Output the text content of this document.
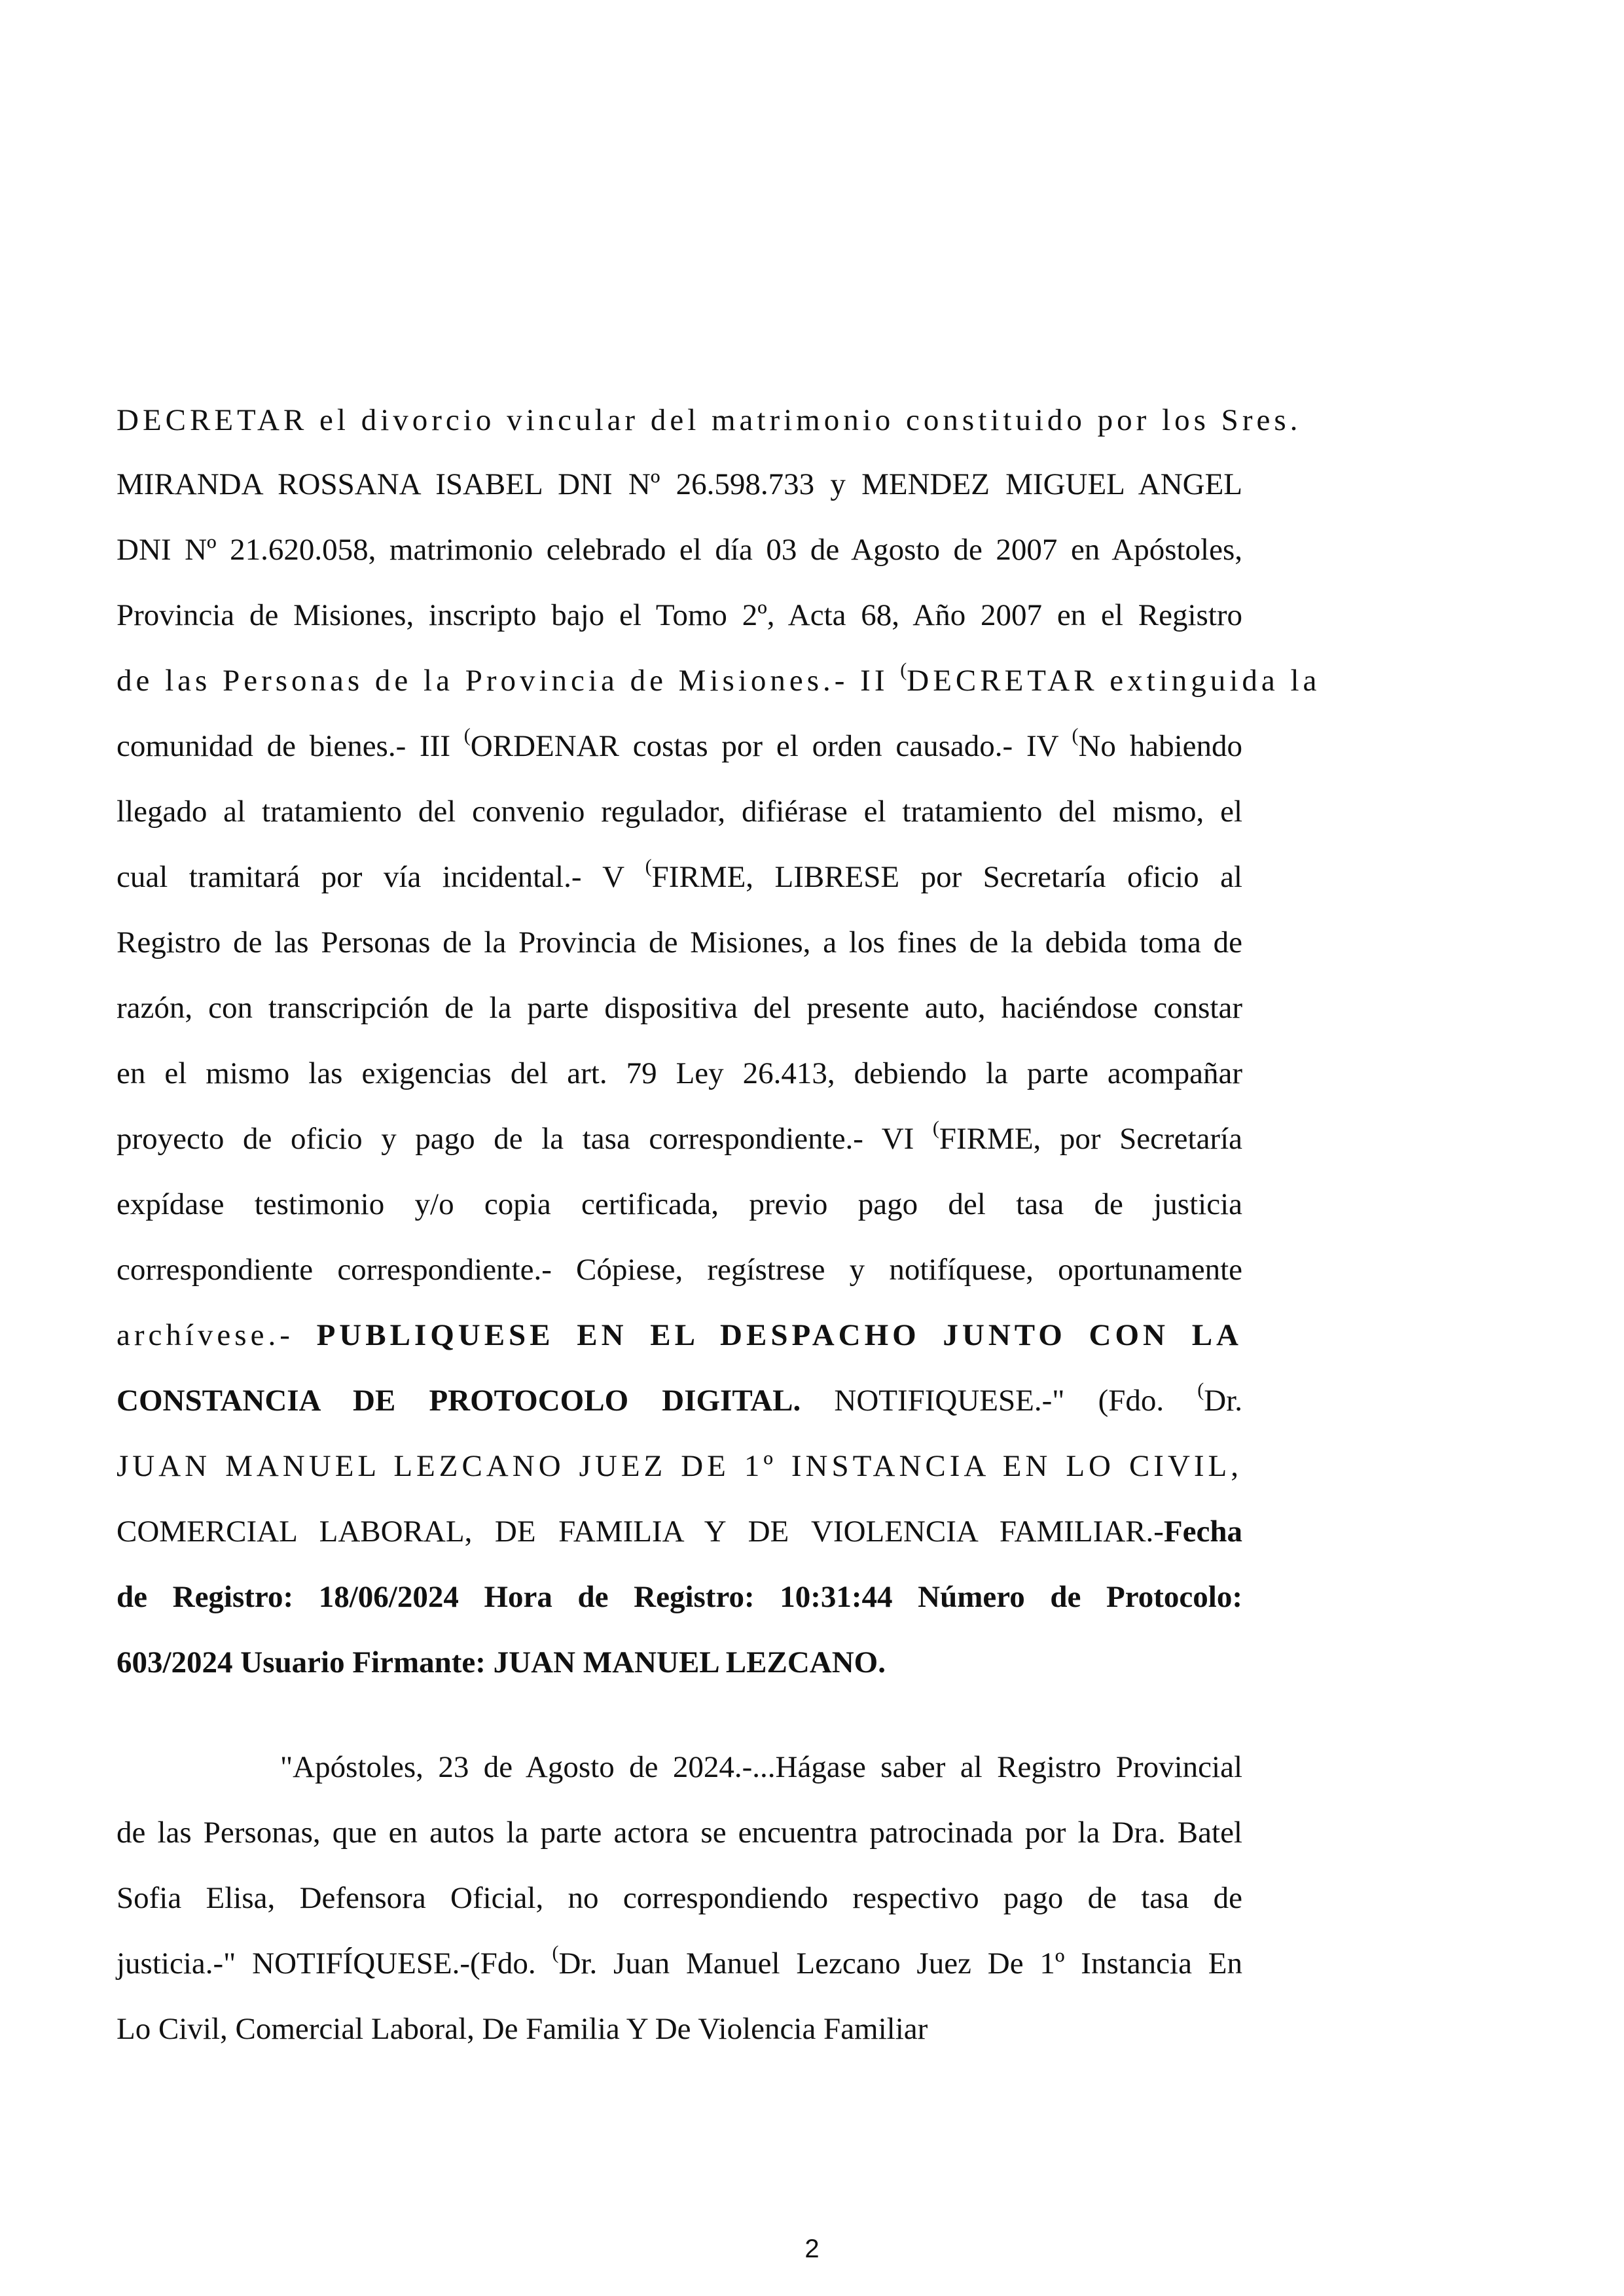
DECRETAR el divorcio vincular del matrimonio constituido por los Sres.
MIRANDA ROSSANA ISABEL DNI Nº 26.598.733 y MENDEZ MIGUEL ANGEL
DNI Nº 21.620.058, matrimonio celebrado el día 03 de Agosto de 2007 en Apóstoles,
Provincia de Misiones, inscripto bajo el Tomo 2º, Acta 68, Año 2007 en el Registro
de las Personas de la Provincia de Misiones.- II (DECRETAR extinguida la
comunidad de bienes.- III (ORDENAR costas por el orden causado.- IV (No habiendo
llegado al tratamiento del convenio regulador, difiérase el tratamiento del mismo, el
cual tramitará por vía incidental.- V (FIRME, LIBRESE por Secretaría oficio al
Registro de las Personas de la Provincia de Misiones, a los fines de la debida toma de
razón, con transcripción de la parte dispositiva del presente auto, haciéndose constar
en el mismo las exigencias del art. 79 Ley 26.413, debiendo la parte acompañar
proyecto de oficio y pago de la tasa correspondiente.- VI (FIRME, por Secretaría
expídase testimonio y/o copia certificada, previo pago del tasa de justicia
correspondiente correspondiente.- Cópiese, regístrese y notifíquese, oportunamente
archívese.- PUBLIQUESE EN EL DESPACHO JUNTO CON LA
CONSTANCIA DE PROTOCOLO DIGITAL. NOTIFIQUESE.-" (Fdo. (Dr.
JUAN MANUEL LEZCANO JUEZ DE 1º INSTANCIA EN LO CIVIL,
COMERCIAL LABORAL, DE FAMILIA Y DE VIOLENCIA FAMILIAR.-Fecha
de Registro: 18/06/2024 Hora de Registro: 10:31:44 Número de Protocolo:
603/2024 Usuario Firmante: JUAN MANUEL LEZCANO.
"Apóstoles, 23 de Agosto de 2024.-...Hágase saber al Registro Provincial
de las Personas, que en autos la parte actora se encuentra patrocinada por la Dra. Batel
Sofia Elisa, Defensora Oficial, no correspondiendo respectivo pago de tasa de
justicia.-" NOTIFÍQUESE.-(Fdo. (Dr. Juan Manuel Lezcano Juez De 1º Instancia En
Lo Civil, Comercial Laboral, De Familia Y De Violencia Familiar
2
